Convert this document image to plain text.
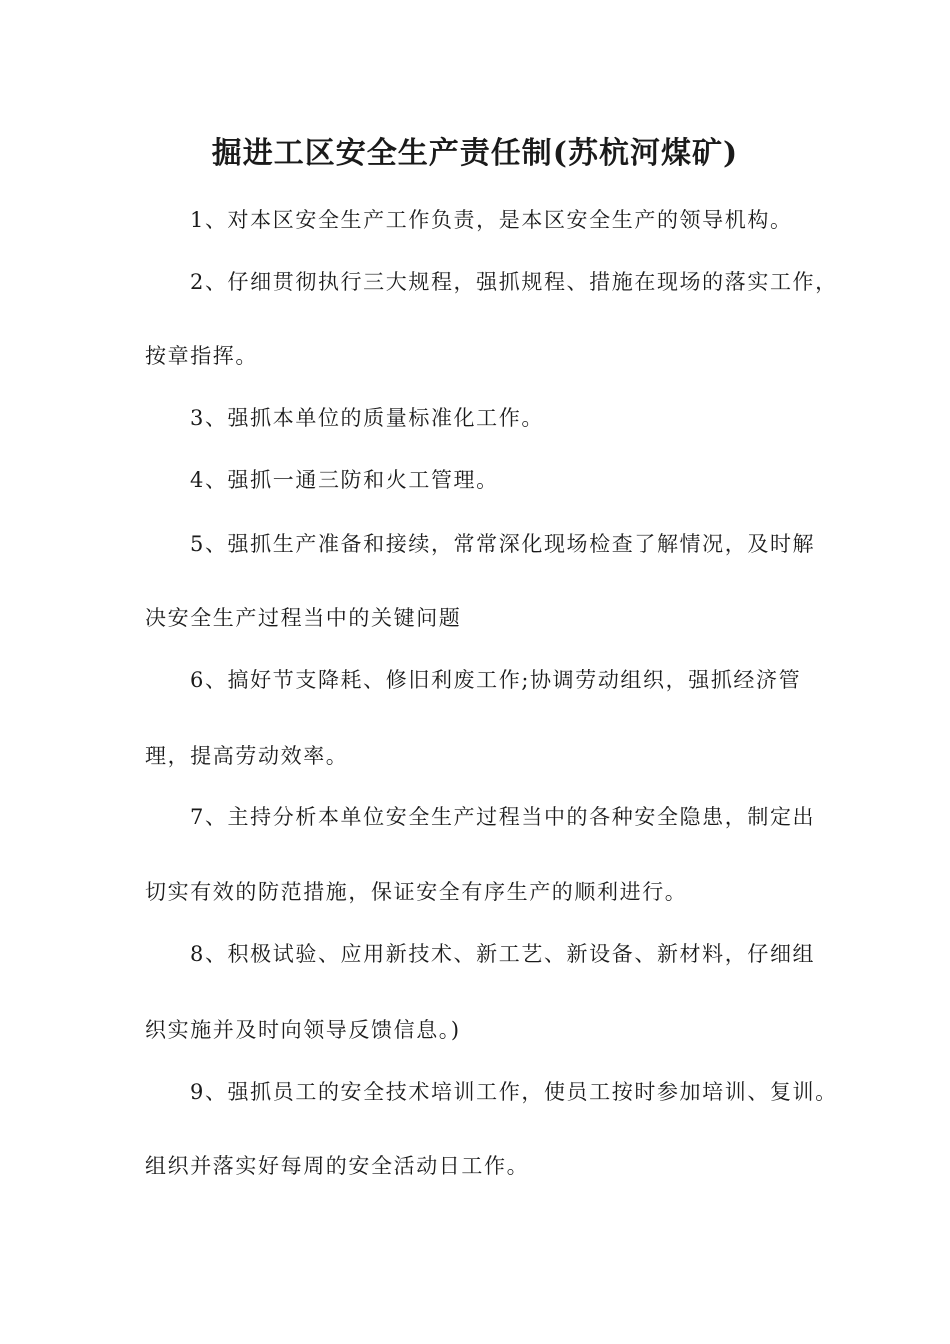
掘进工区安全生产责任制(苏杭河煤矿)
1、对本区安全生产工作负责，是本区安全生产的领导机构。
2、仔细贯彻执行三大规程，强抓规程、措施在现场的落实工作，
按章指挥。
3、强抓本单位的质量标准化工作。
4、强抓一通三防和火工管理。
5、强抓生产准备和接续，常常深化现场检查了解情况，及时解
决安全生产过程当中的关键问题
6、搞好节支降耗、修旧利废工作;协调劳动组织，强抓经济管
理，提高劳动效率。
7、主持分析本单位安全生产过程当中的各种安全隐患，制定出
切实有效的防范措施，保证安全有序生产的顺利进行。
8、积极试验、应用新技术、新工艺、新设备、新材料，仔细组
织实施并及时向领导反馈信息。)
9、强抓员工的安全技术培训工作，使员工按时参加培训、复训。
组织并落实好每周的安全活动日工作。
